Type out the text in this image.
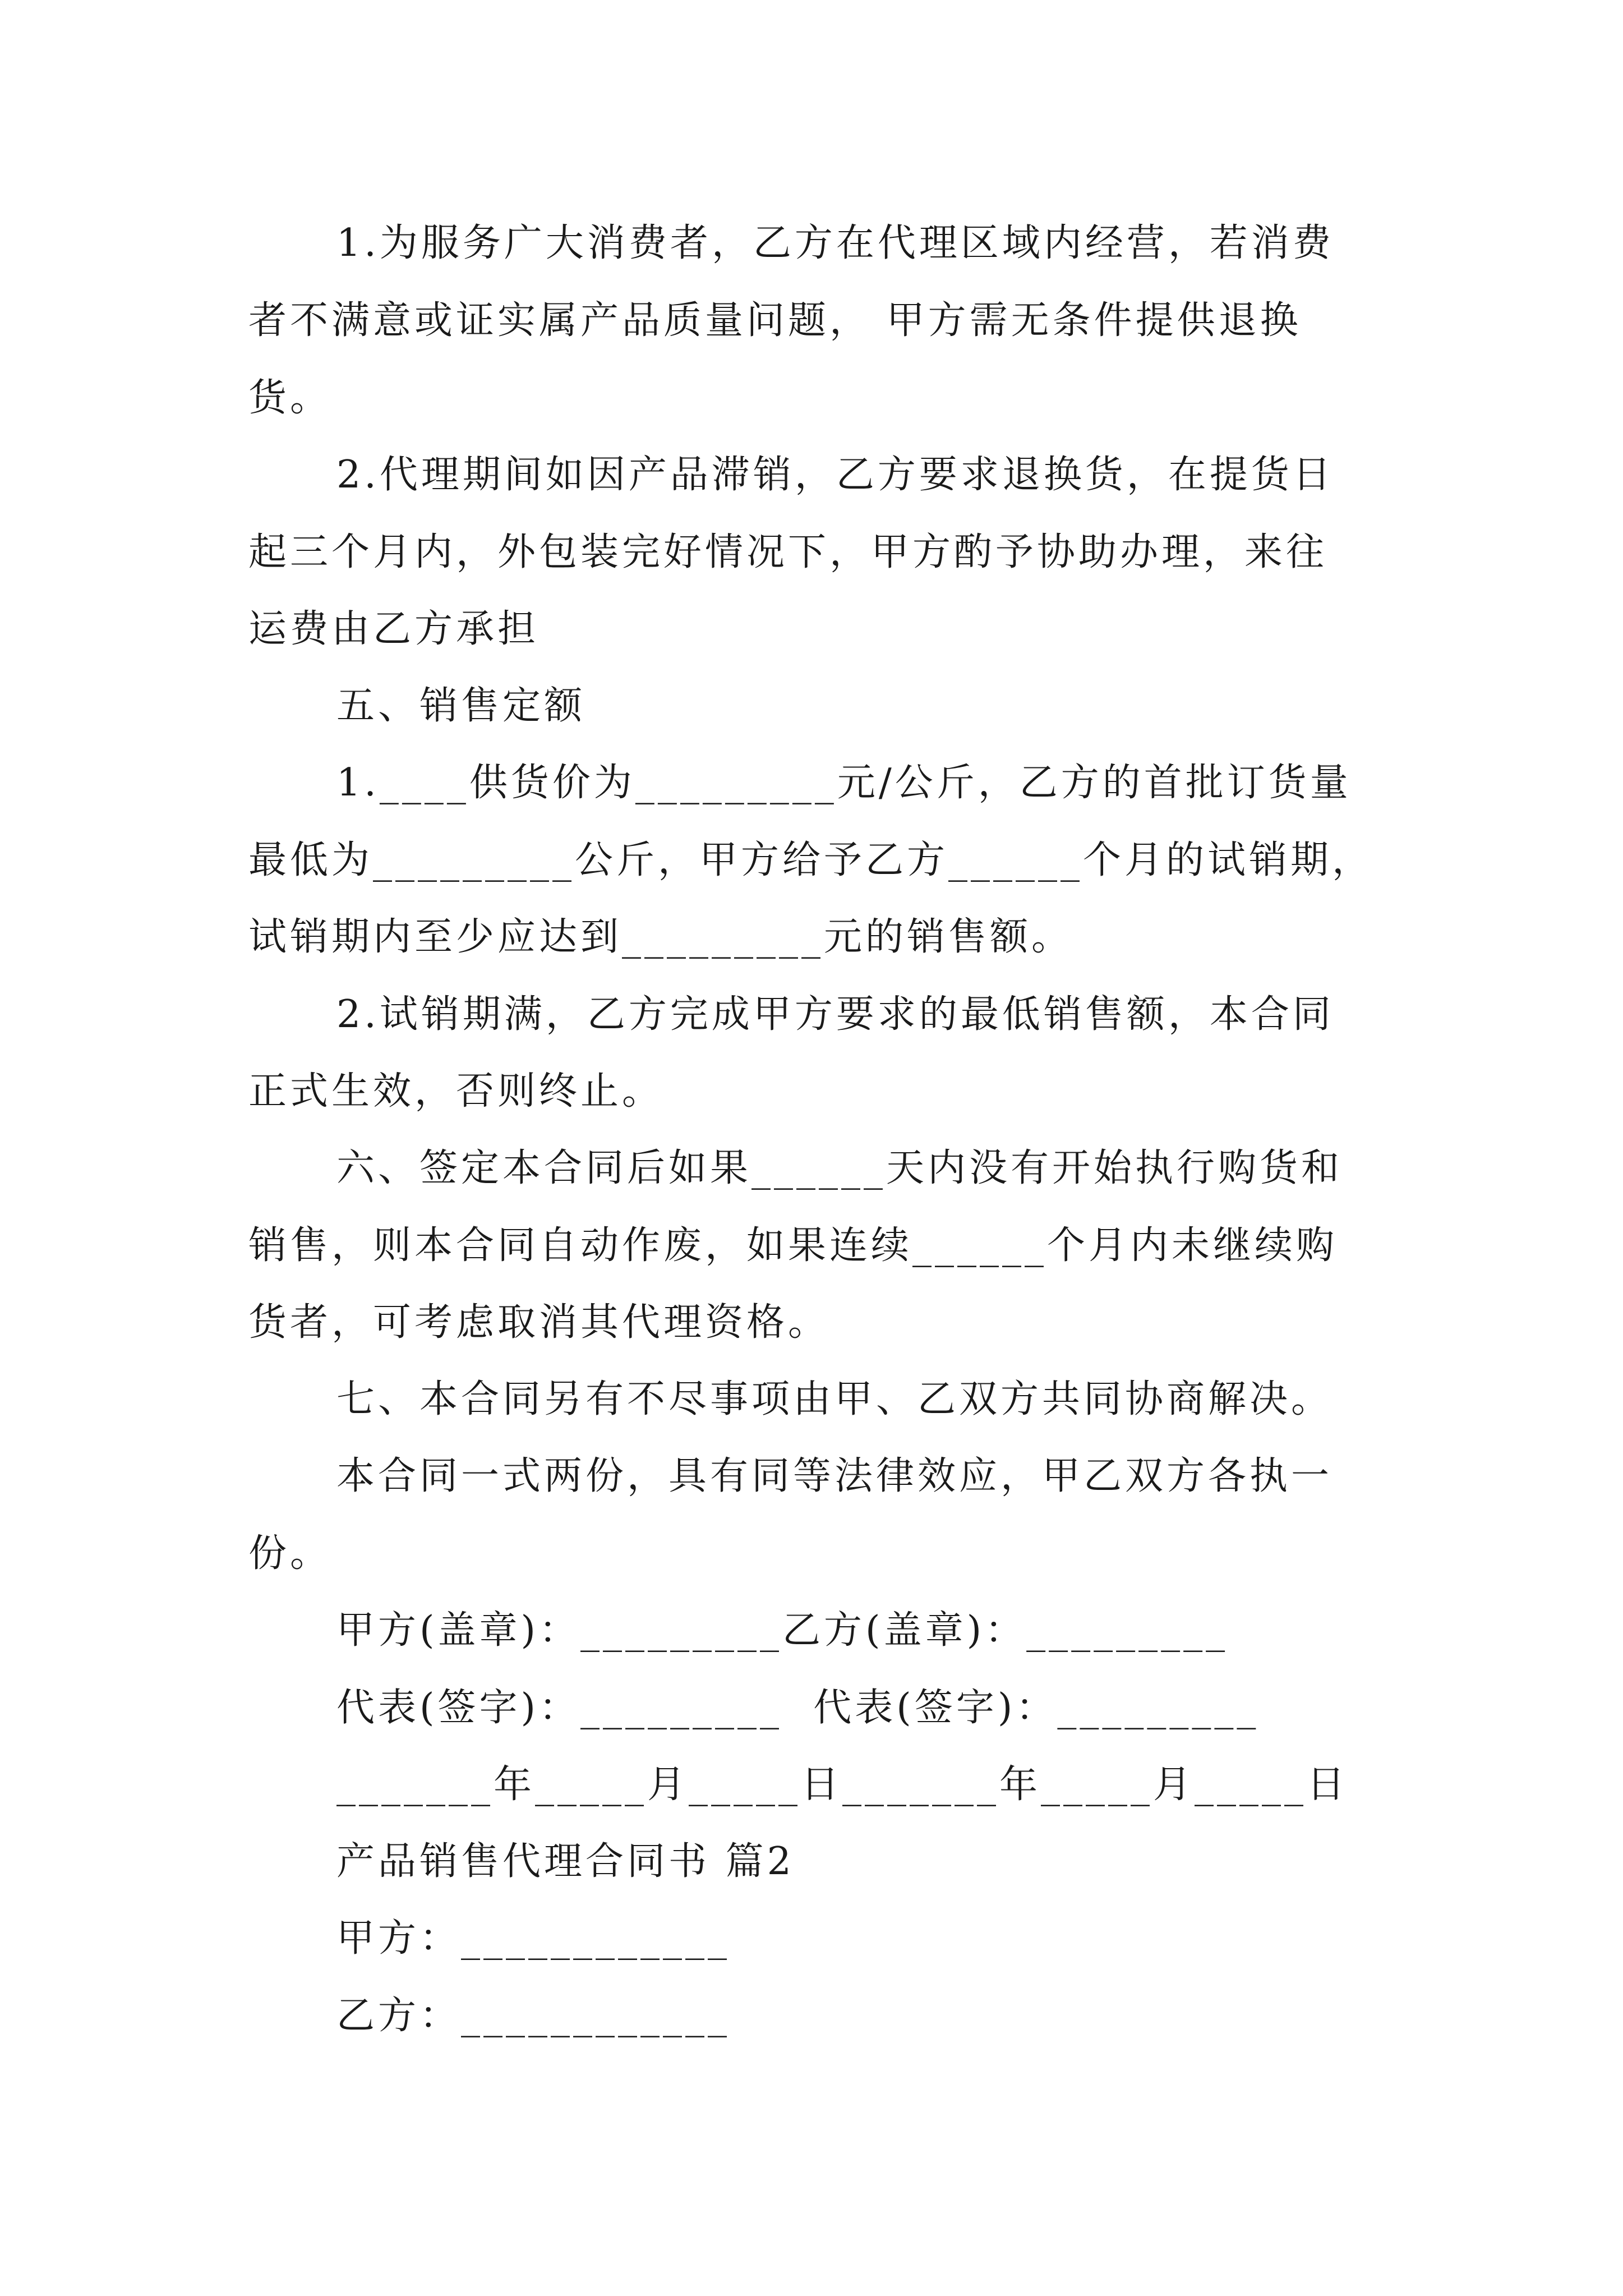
1.为服务广大消费者，乙方在代理区域内经营，若消费
者不满意或证实属产品质量问题， 甲方需无条件提供退换
货。
2.代理期间如因产品滞销，乙方要求退换货，在提货日
起三个月内，外包装完好情况下，甲方酌予协助办理，来往
运费由乙方承担
五、销售定额
1.____供货价为_________元/公斤，乙方的首批订货量
最低为_________公斤，甲方给予乙方______个月的试销期，
试销期内至少应达到_________元的销售额。
2.试销期满，乙方完成甲方要求的最低销售额，本合同
正式生效，否则终止。
六、签定本合同后如果______天内没有开始执行购货和
销售，则本合同自动作废，如果连续______个月内未继续购
货者，可考虑取消其代理资格。
七、本合同另有不尽事项由甲、乙双方共同协商解决。
本合同一式两份，具有同等法律效应，甲乙双方各执一
份。
甲方(盖章)：_________乙方(盖章)：_________
代表(签字)：_________  代表(签字)：_________
_______年_____月_____日_______年_____月_____日
产品销售代理合同书 篇2
甲方：____________
乙方：____________
